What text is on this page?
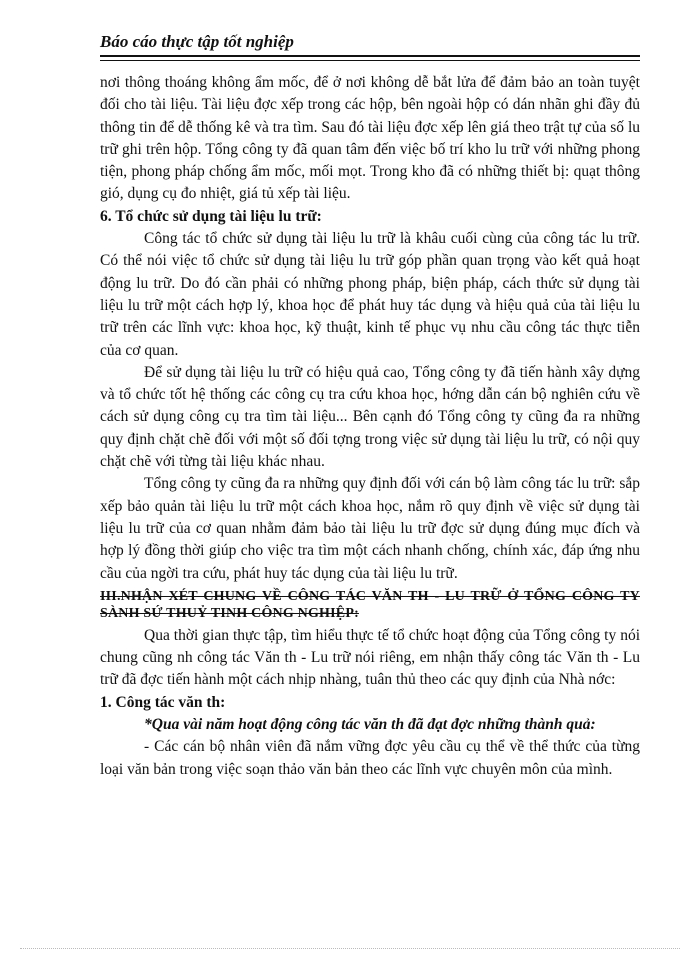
Báo cáo thực tập tốt nghiệp

nơi thông thoáng không ẩm mốc, để ở nơi không dễ bắt lửa để đảm bảo an toàn tuyệt đối cho tài liệu. Tài liệu đợc xếp trong các hộp, bên ngoài hộp có dán nhãn ghi đầy đủ thông tin để dễ thống kê và tra tìm. Sau đó tài liệu đợc xếp lên giá theo trật tự của số lu trữ ghi trên hộp. Tổng công ty đã quan tâm đến việc bố trí kho lu trữ với những phong tiện, phong pháp chống ẩm mốc, mối mọt. Trong kho đã có những thiết bị: quạt thông gió, dụng cụ đo nhiệt, giá tủ xếp tài liệu.

6. Tổ chức sử dụng tài liệu lu trữ:

Công tác tổ chức sử dụng tài liệu lu trữ là khâu cuối cùng của công tác lu trữ. Có thể nói việc tổ chức sử dụng tài liệu lu trữ góp phần quan trọng vào kết quả hoạt động lu trữ. Do đó cần phải có những phong pháp, biện pháp, cách thức sử dụng tài liệu lu trữ một cách hợp lý, khoa học để phát huy tác dụng và hiệu quả của tài liệu lu trữ trên các lĩnh vực: khoa học, kỹ thuật, kinh tế phục vụ nhu cầu công tác thực tiễn của cơ quan.

Để sử dụng tài liệu lu trữ có hiệu quả cao, Tổng công ty đã tiến hành xây dựng và tổ chức tốt hệ thống các công cụ tra cứu khoa học, hớng dẫn cán bộ nghiên cứu về cách sử dụng công cụ tra tìm tài liệu... Bên cạnh đó Tổng công ty cũng đa ra những quy định chặt chẽ đối với một số đối tợng trong việc sử dụng tài liệu lu trữ, có nội quy chặt chẽ với từng tài liệu khác nhau.

Tổng công ty cũng đa ra những quy định đối với cán bộ làm công tác lu trữ: sắp xếp bảo quản tài liệu lu trữ một cách khoa học, nắm rõ quy định về việc sử dụng tài liệu lu trữ của cơ quan nhằm đảm bảo tài liệu lu trữ đợc sử dụng đúng mục đích và hợp lý đồng thời giúp cho việc tra tìm một cách nhanh chống, chính xác, đáp ứng nhu cầu của ngời tra cứu, phát huy tác dụng của tài liệu lu trữ.

III.NHẬN XÉT CHUNG VỀ CÔNG TÁC VĂN TH - LU TRỮ Ở TỔNG CÔNG TY SÀNH SỨ THUỶ TINH CÔNG NGHIỆP:

Qua thời gian thực tập, tìm hiểu thực tế tổ chức hoạt động của Tổng công ty nói chung cũng nh công tác Văn th - Lu trữ nói riêng, em nhận thấy công tác Văn th - Lu trữ đã đợc tiến hành một cách nhịp nhàng, tuân thủ theo các quy định của Nhà nớc:

1. Công tác văn th:

*Qua vài năm hoạt động công tác văn th đã đạt đợc những thành quả:

- Các cán bộ nhân viên đã nắm vững đợc yêu cầu cụ thể về thể thức của từng loại văn bản trong việc soạn thảo văn bản theo các lĩnh vực chuyên môn của mình.
